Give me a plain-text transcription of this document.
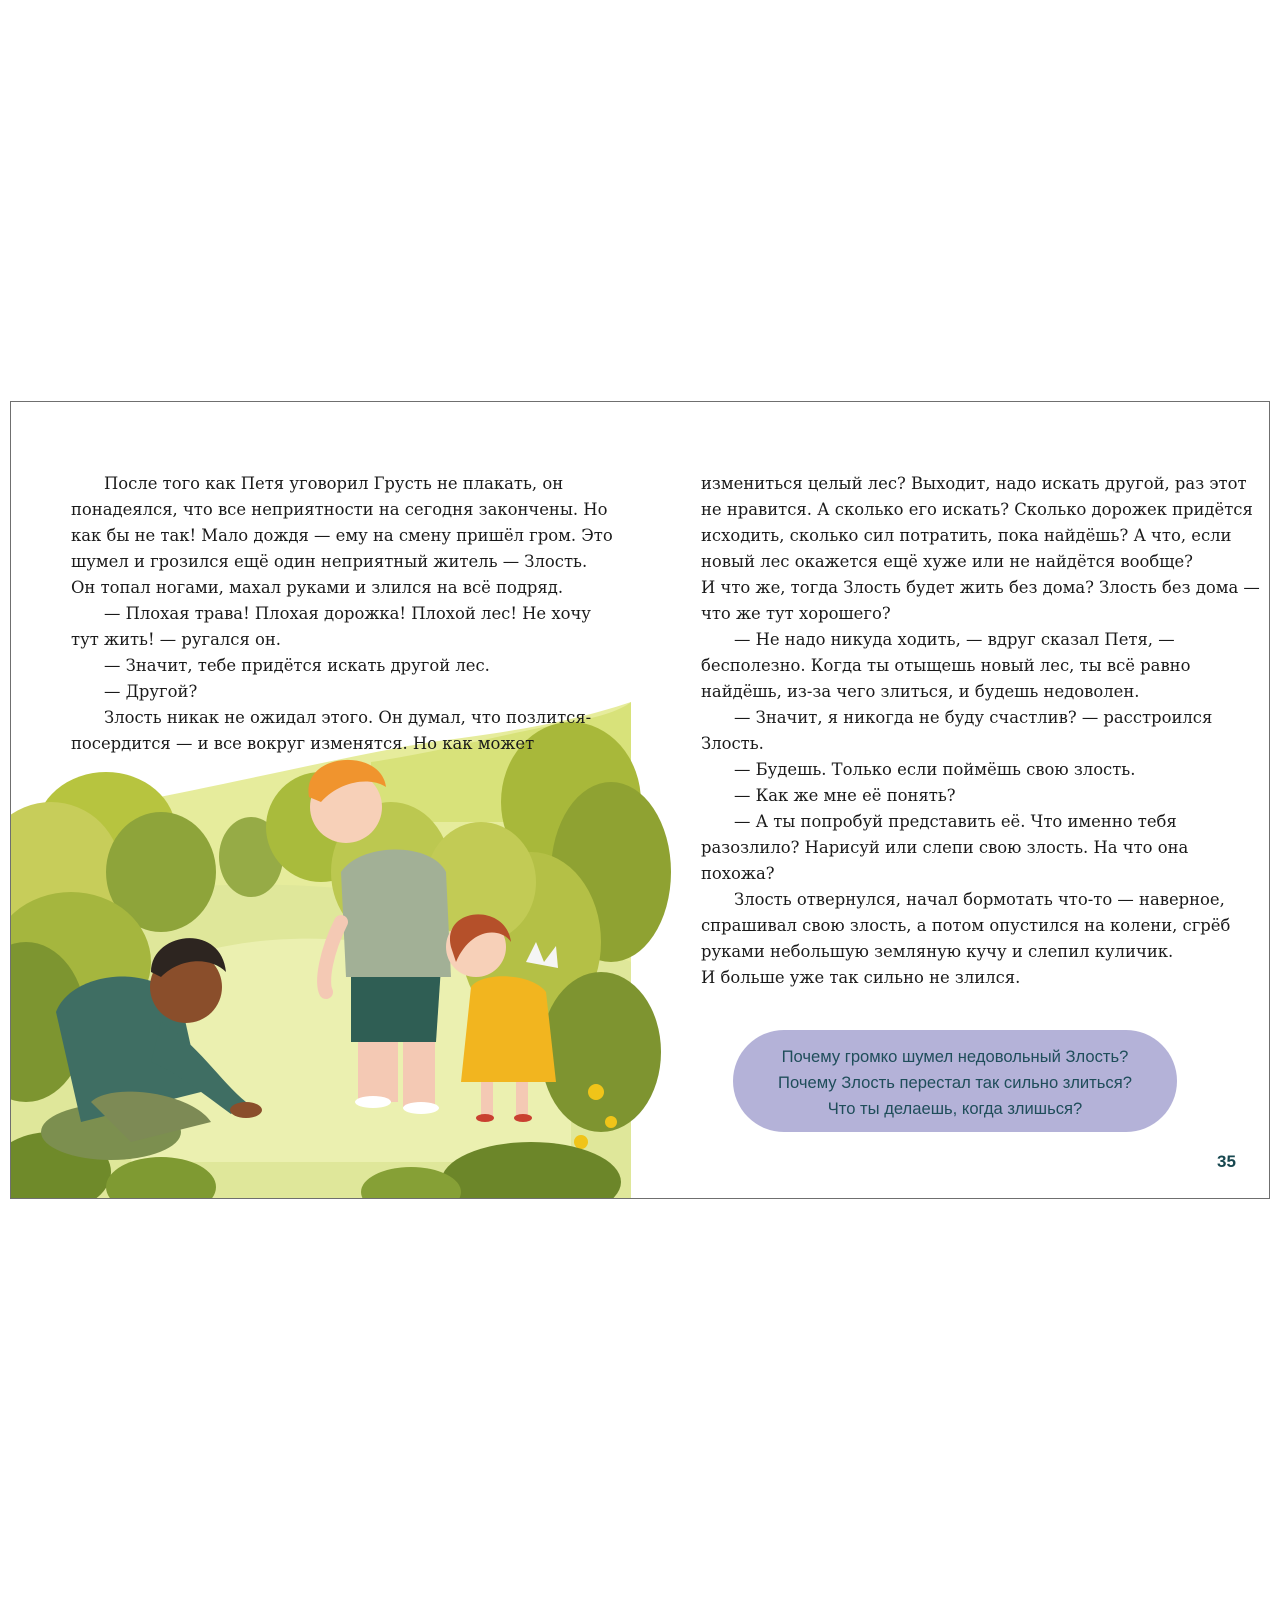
После того как Петя уговорил Грусть не плакать, он
понадеялся, что все неприятности на сегодня закончены. Но
как бы не так! Мало дождя — ему на смену пришёл гром. Это
шумел и грозился ещё один неприятный житель — Злость.
Он топал ногами, махал руками и злился на всё подряд.
— Плохая трава! Плохая дорожка! Плохой лес! Не хочу
тут жить! — ругался он.
— Значит, тебе придётся искать другой лес.
— Другой?
Злость никак не ожидал этого. Он думал, что позлится-
посердится — и все вокруг изменятся. Но как может
измениться целый лес? Выходит, надо искать другой, раз этот
не нравится. А сколько его искать? Сколько дорожек придётся
исходить, сколько сил потратить, пока найдёшь? А что, если
новый лес окажется ещё хуже или не найдётся вообще?
И что же, тогда Злость будет жить без дома? Злость без дома —
что же тут хорошего?
— Не надо никуда ходить, — вдруг сказал Петя, —
бесполезно. Когда ты отыщешь новый лес, ты всё равно
найдёшь, из-за чего злиться, и будешь недоволен.
— Значит, я никогда не буду счастлив? — расстроился
Злость.
— Будешь. Только если поймёшь свою злость.
— Как же мне её понять?
— А ты попробуй представить её. Что именно тебя
разозлило? Нарисуй или слепи свою злость. На что она
похожа?
Злость отвернулся, начал бормотать что-то — наверное,
спрашивал свою злость, а потом опустился на колени, сгрёб
руками небольшую земляную кучу и слепил куличик.
И больше уже так сильно не злился.
Почему громко шумел недовольный Злость?
Почему Злость перестал так сильно злиться?
Что ты делаешь, когда злишься?
35
